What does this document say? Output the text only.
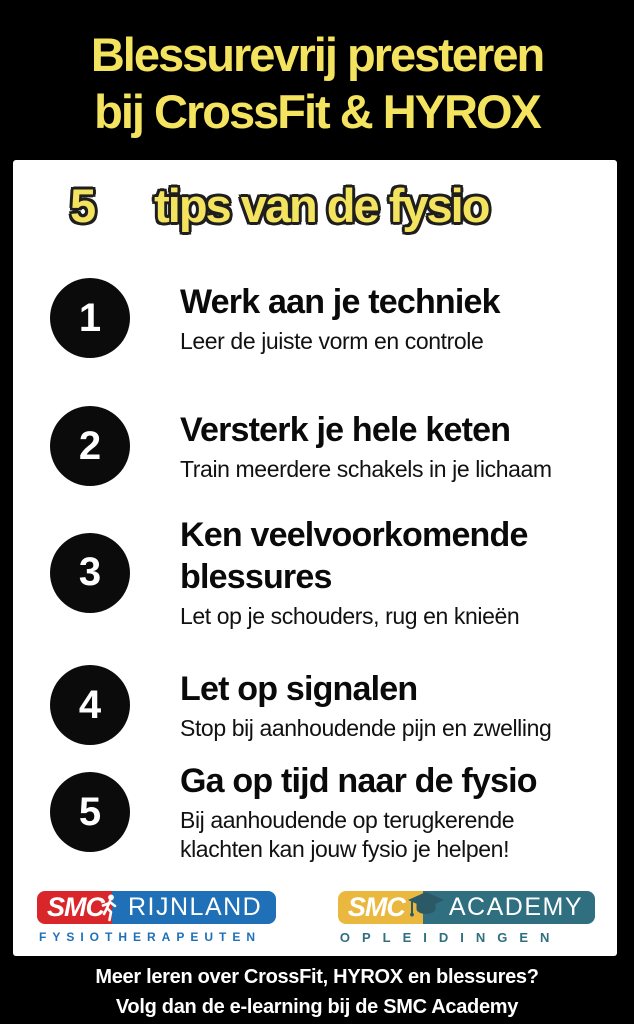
Blessurevrij presteren
bij CrossFit & HYROX
5 tips van de fysio
1	Werk aan je techniek
Leer de juiste vorm en controle
2	Versterk je hele keten
Train meerdere schakels in je lichaam
3
Ken veelvoorkomende blessures
Let op je schouders, rug en knieën
4	Let op signalen
Stop bij aanhoudende pijn en zwelling
5
Ga op tijd naar de fysio
Bij aanhoudende op terugkerende klachten kan jouw fysio je helpen!
SMC RIJNLAND
FYSIOTHERAPEUTEN
SMC	ACADEMY
OPLEIDINGEN
Meer leren over CrossFit, HYROX en blessures?
Volg dan de e-learning bij de SMC Academy
